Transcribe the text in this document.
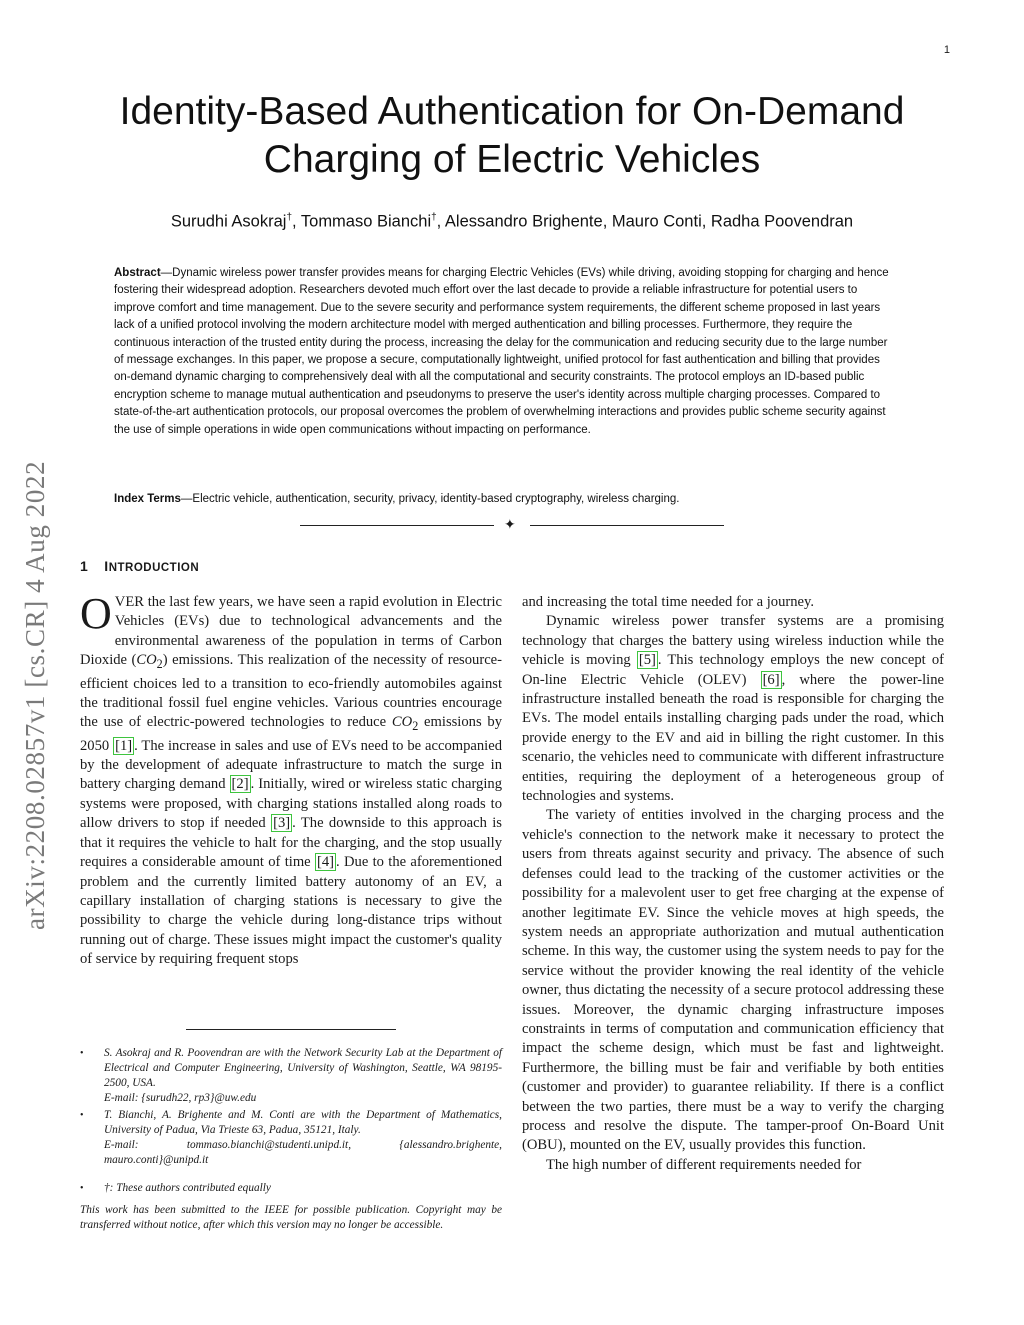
1
arXiv:2208.02857v1 [cs.CR] 4 Aug 2022
Identity-Based Authentication for On-Demand
Charging of Electric Vehicles
Surudhi Asokraj†, Tommaso Bianchi†, Alessandro Brighente, Mauro Conti, Radha Poovendran
Abstract—Dynamic wireless power transfer provides means for charging Electric Vehicles (EVs) while driving, avoiding stopping for charging and hence fostering their widespread adoption. Researchers devoted much effort over the last decade to provide a reliable infrastructure for potential users to improve comfort and time management. Due to the severe security and performance system requirements, the different scheme proposed in last years lack of a unified protocol involving the modern architecture model with merged authentication and billing processes. Furthermore, they require the continuous interaction of the trusted entity during the process, increasing the delay for the communication and reducing security due to the large number of message exchanges. In this paper, we propose a secure, computationally lightweight, unified protocol for fast authentication and billing that provides on-demand dynamic charging to comprehensively deal with all the computational and security constraints. The protocol employs an ID-based public encryption scheme to manage mutual authentication and pseudonyms to preserve the user's identity across multiple charging processes. Compared to state-of-the-art authentication protocols, our proposal overcomes the problem of overwhelming interactions and provides public scheme security against the use of simple operations in wide open communications without impacting on performance.
Index Terms—Electric vehicle, authentication, security, privacy, identity-based cryptography, wireless charging.
✦
1 INTRODUCTION

OVER the last few years, we have seen a rapid evolution in Electric Vehicles (EVs) due to technological advancements and the environmental awareness of the population in terms of Carbon Dioxide $(CO_2)$ emissions. This realization of the necessity of resource-efficient choices led to a transition to eco-friendly automobiles against the traditional fossil fuel engine vehicles. Various countries encourage the use of electric-powered technologies to reduce $CO_2$ emissions by 2050 [1] . The increase in sales and use of EVs need to be accompanied by the development of adequate infrastructure to match the surge in battery charging demand [2] . Initially, wired or wireless static charging systems were proposed, with charging stations installed along roads to allow drivers to stop if needed [3] . The downside to this approach is that it requires the vehicle to halt for the charging, and the stop usually requires a considerable amount of time [4] . Due to the aforementioned problem and the currently limited battery autonomy of an EV, a capillary installation of charging stations is necessary to give the possibility to charge the vehicle during long-distance trips without running out of charge. These issues might impact the customer's quality of service by requiring frequent stops

• S. Asokraj and R. Poovendran are with the Network Security Lab at the Department of Electrical and Computer Engineering, University of Washington, Seattle, WA 98195-2500, USA.
E-mail: {surudh22, rp3}@uw.edu
• T. Bianchi, A. Brighente and M. Conti are with the Department of Mathematics, University of Padua, Via Trieste 63, Padua, 35121, Italy.
E-mail: tommaso.bianchi@studenti.unipd.it, {alessandro.brighente, mauro.conti}@unipd.it
• †: These authors contributed equally

This work has been submitted to the IEEE for possible publication. Copyright may be transferred without notice, after which this version may no longer be accessible.

and increasing the total time needed for a journey.

Dynamic wireless power transfer systems are a promising technology that charges the battery using wireless induction while the vehicle is moving [5] . This technology employs the new concept of On-line Electric Vehicle (OLEV) [6] , where the power-line infrastructure installed beneath the road is responsible for charging the EVs. The model entails installing charging pads under the road, which provide energy to the EV and aid in billing the right customer. In this scenario, the vehicles need to communicate with different infrastructure entities, requiring the deployment of a heterogeneous group of technologies and systems.

The variety of entities involved in the charging process and the vehicle's connection to the network make it necessary to protect the users from threats against security and privacy. The absence of such defenses could lead to the tracking of the customer activities or the possibility for a malevolent user to get free charging at the expense of another legitimate EV. Since the vehicle moves at high speeds, the system needs an appropriate authorization and mutual authentication scheme. In this way, the customer using the system needs to pay for the service without the provider knowing the real identity of the vehicle owner, thus dictating the necessity of a secure protocol addressing these issues. Moreover, the dynamic charging infrastructure imposes constraints in terms of computation and communication efficiency that impact the scheme design, which must be fast and lightweight. Furthermore, the billing must be fair and verifiable by both entities (customer and provider) to guarantee reliability. If there is a conflict between the two parties, there must be a way to verify the charging process and resolve the dispute. The tamper-proof On-Board Unit (OBU), mounted on the EV, usually provides this function.

The high number of different requirements needed for
